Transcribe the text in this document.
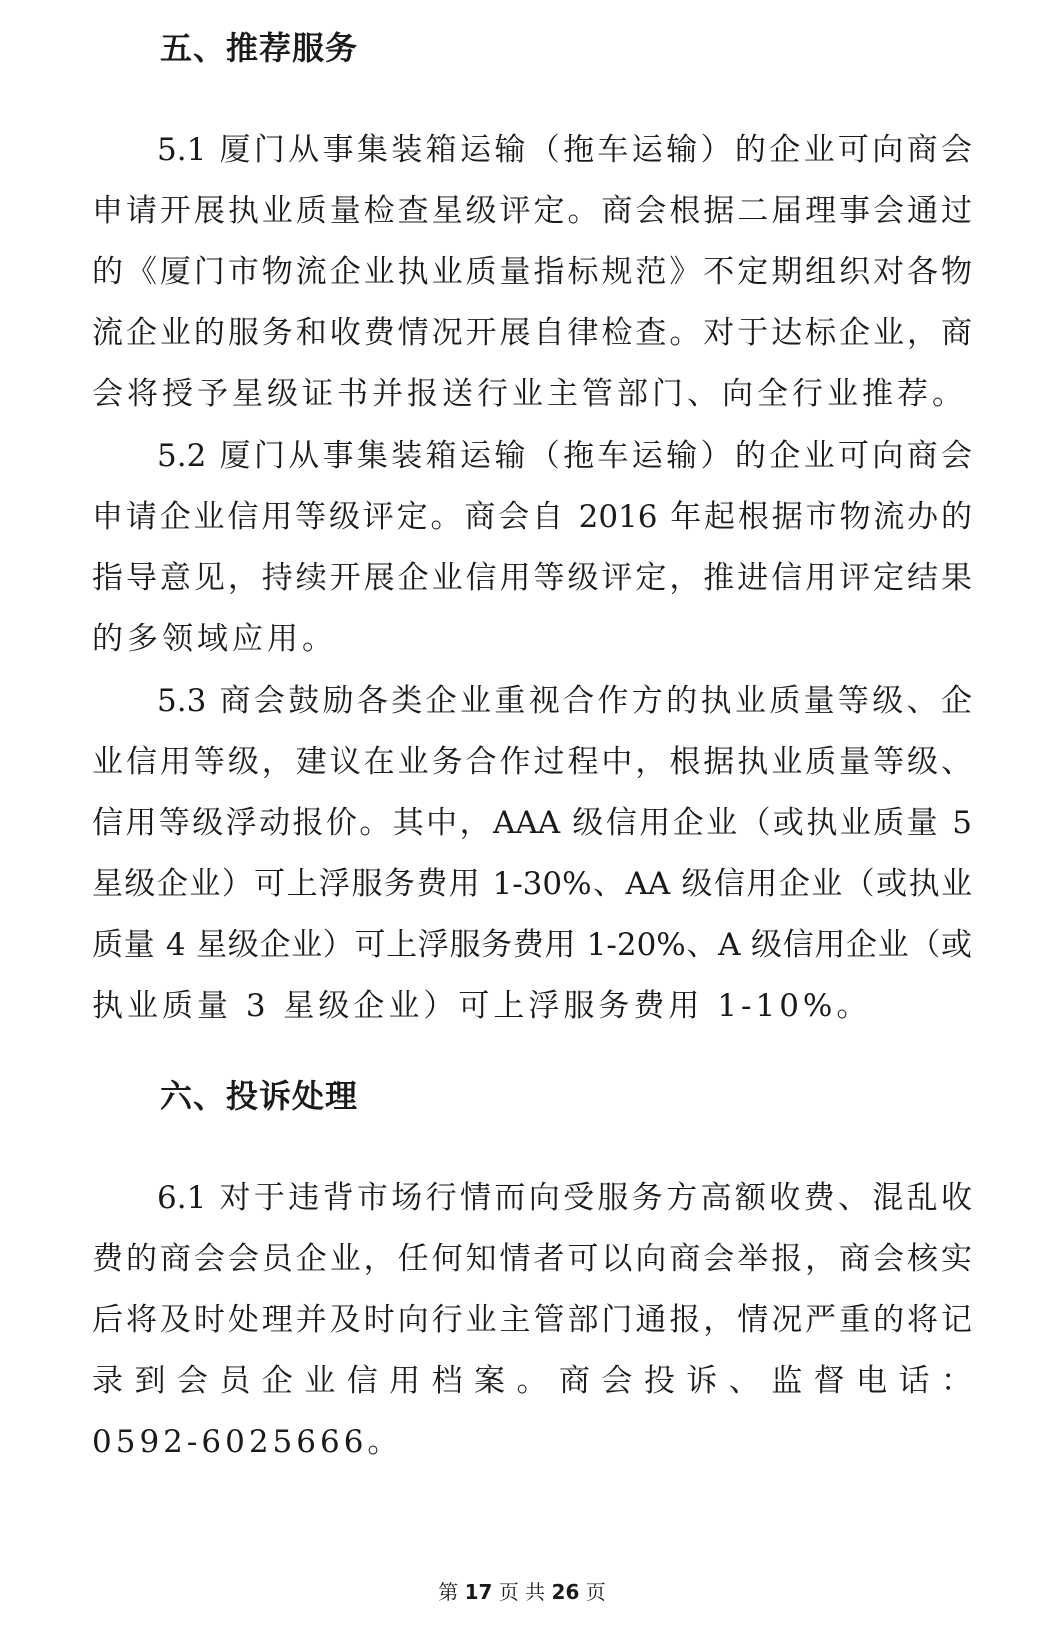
五、推荐服务
5.1 厦门从事集装箱运输（拖车运输）的企业可向商会
申请开展执业质量检查星级评定。商会根据二届理事会通过
的《厦门市物流企业执业质量指标规范》不定期组织对各物
流企业的服务和收费情况开展自律检查。对于达标企业，商
会将授予星级证书并报送行业主管部门、向全行业推荐。
5.2 厦门从事集装箱运输（拖车运输）的企业可向商会
申请企业信用等级评定。商会自 2016 年起根据市物流办的
指导意见，持续开展企业信用等级评定，推进信用评定结果
的多领域应用。
5.3 商会鼓励各类企业重视合作方的执业质量等级、企
业信用等级，建议在业务合作过程中，根据执业质量等级、
信用等级浮动报价。其中，AAA 级信用企业（或执业质量 5
星级企业）可上浮服务费用 1-30%、AA 级信用企业（或执业
质量 4 星级企业）可上浮服务费用 1-20%、A 级信用企业（或
执业质量 3 星级企业）可上浮服务费用 1-10%。
六、投诉处理
6.1 对于违背市场行情而向受服务方高额收费、混乱收
费的商会会员企业，任何知情者可以向商会举报，商会核实
后将及时处理并及时向行业主管部门通报，情况严重的将记
录到会员企业信用档案。商会投诉、监督电话：
0592-6025666。
第 17 页 共 26 页
